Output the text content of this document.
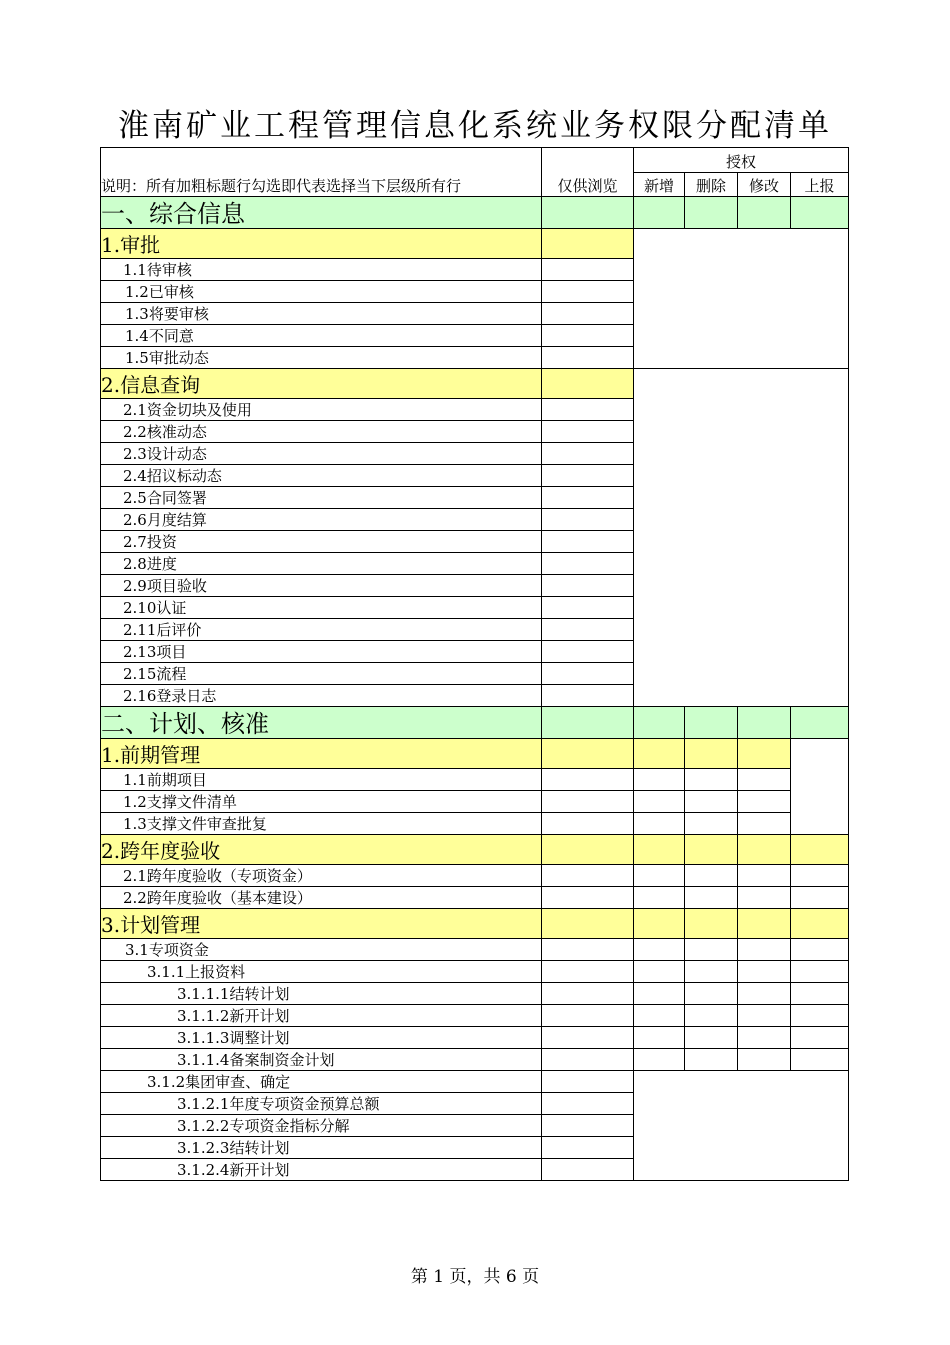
淮南矿业工程管理信息化系统业务权限分配清单
说明：所有加粗标题行勾选即代表选择当下层级所有行	仅供浏览	授权			
		新增	删除	修改	上报
一、综合信息					
1.审批					
1.1待审核					
1.2已审核					
1.3将要审核					
1.4不同意					
1.5审批动态					
2.信息查询					
2.1资金切块及使用					
2.2核准动态					
2.3设计动态					
2.4招议标动态					
2.5合同签署					
2.6月度结算					
2.7投资					
2.8进度					
2.9项目验收					
2.10认证					
2.11后评价					
2.13项目					
2.15流程					
2.16登录日志					
二、计划、核准					
1.前期管理					
1.1前期项目					
1.2支撑文件清单					
1.3支撑文件审查批复					
2.跨年度验收					
2.1跨年度验收（专项资金）					
2.2跨年度验收（基本建设）					
3.计划管理					
3.1专项资金					
3.1.1上报资料					
3.1.1.1结转计划					
3.1.1.2新开计划					
3.1.1.3调整计划					
3.1.1.4备案制资金计划					
3.1.2集团审查、确定					
3.1.2.1年度专项资金预算总额					
3.1.2.2专项资金指标分解					
3.1.2.3结转计划					
3.1.2.4新开计划					
第 1 页，共 6 页
